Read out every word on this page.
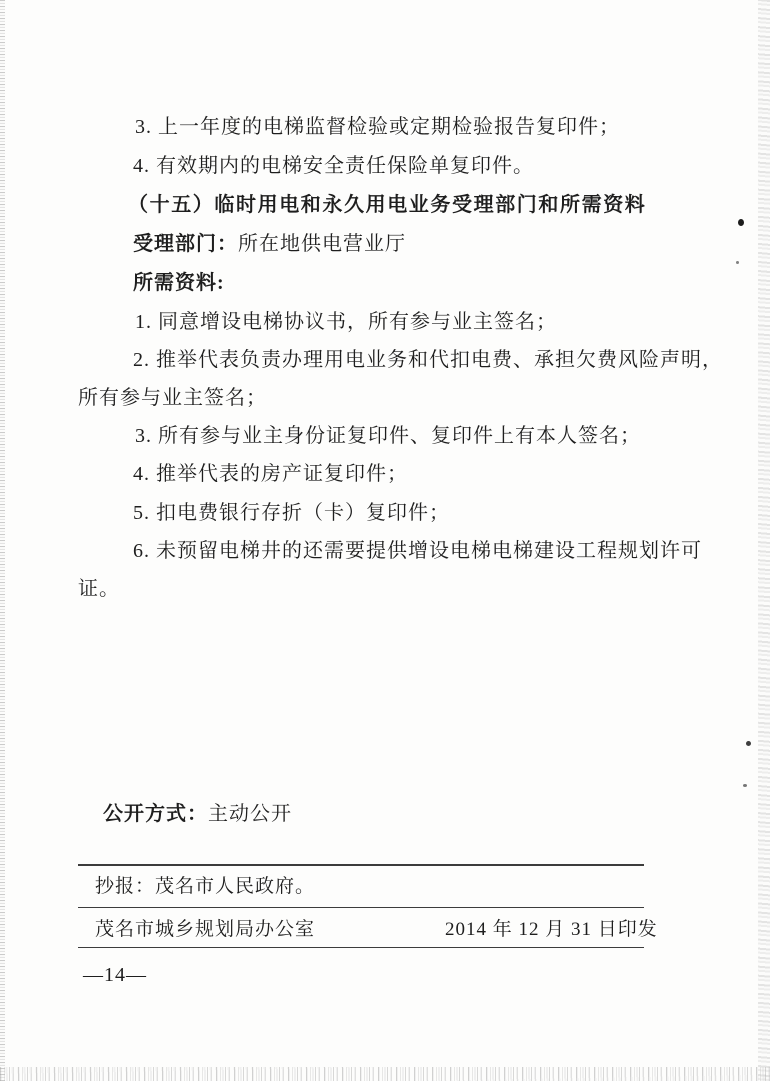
3. 上一年度的电梯监督检验或定期检验报告复印件；

4. 有效期内的电梯安全责任保险单复印件。

（十五）临时用电和永久用电业务受理部门和所需资料

受理部门：所在地供电营业厅

所需资料:

1. 同意增设电梯协议书，所有参与业主签名；

2. 推举代表负责办理用电业务和代扣电费、承担欠费风险声明，

所有参与业主签名；

3. 所有参与业主身份证复印件、复印件上有本人签名；

4. 推举代表的房产证复印件；

5. 扣电费银行存折（卡）复印件；

6. 未预留电梯井的还需要提供增设电梯电梯建设工程规划许可

证。

公开方式：主动公开

抄报：茂名市人民政府。

茂名市城乡规划局办公室	2014 年 12 月 31 日印发

—14—
